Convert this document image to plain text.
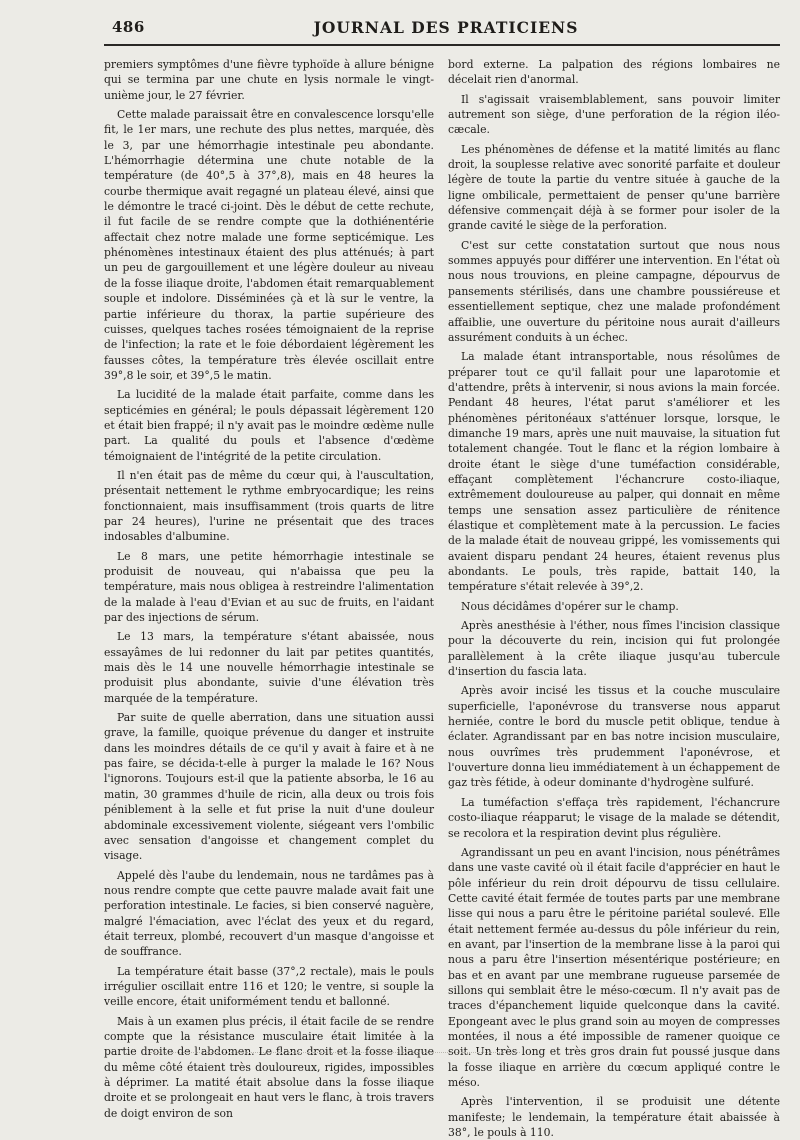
486	JOURNAL DES PRATICIENS

premiers symptômes d'une fièvre typhoïde à allure bénigne qui se termina par une chute en lysis normale le vingt-unième jour, le 27 février.

Cette malade paraissait être en convalescence lorsqu'elle fit, le 1er mars, une rechute des plus nettes, marquée, dès le 3, par une hémorrhagie intestinale peu abondante. L'hémorrhagie détermina une chute notable de la température (de 40°,5 à 37°,8), mais en 48 heures la courbe thermique avait regagné un plateau élevé, ainsi que le démontre le tracé ci-joint. Dès le début de cette rechute, il fut facile de se rendre compte que la dothiénentérie affectait chez notre malade une forme septicémique. Les phénomènes intestinaux étaient des plus atténués; à part un peu de gargouillement et une légère douleur au niveau de la fosse iliaque droite, l'abdomen était remarquablement souple et indolore. Disséminées çà et là sur le ventre, la partie inférieure du thorax, la partie supérieure des cuisses, quelques taches rosées témoignaient de la reprise de l'infection; la rate et le foie débordaient légèrement les fausses côtes, la température très élevée oscillait entre 39°,8 le soir, et 39°,5 le matin.

La lucidité de la malade était parfaite, comme dans les septicémies en général; le pouls dépassait légèrement 120 et était bien frappé; il n'y avait pas le moindre œdème nulle part. La qualité du pouls et l'absence d'œdème témoignaient de l'intégrité de la petite circulation.

Il n'en était pas de même du cœur qui, à l'auscultation, présentait nettement le rythme embryocardique; les reins fonctionnaient, mais insuffisamment (trois quarts de litre par 24 heures), l'urine ne présentait que des traces indosables d'albumine.

Le 8 mars, une petite hémorrhagie intestinale se produisit de nouveau, qui n'abaissa que peu la température, mais nous obligea à restreindre l'alimentation de la malade à l'eau d'Evian et au suc de fruits, en l'aidant par des injections de sérum.

Le 13 mars, la température s'étant abaissée, nous essayâmes de lui redonner du lait par petites quantités, mais dès le 14 une nouvelle hémorrhagie intestinale se produisit plus abondante, suivie d'une élévation très marquée de la température.

Par suite de quelle aberration, dans une situation aussi grave, la famille, quoique prévenue du danger et instruite dans les moindres détails de ce qu'il y avait à faire et à ne pas faire, se décida-t-elle à purger la malade le 16? Nous l'ignorons. Toujours est-il que la patiente absorba, le 16 au matin, 30 grammes d'huile de ricin, alla deux ou trois fois péniblement à la selle et fut prise la nuit d'une douleur abdominale excessivement violente, siégeant vers l'ombilic avec sensation d'angoisse et changement complet du visage.

Appelé dès l'aube du lendemain, nous ne tardâmes pas à nous rendre compte que cette pauvre malade avait fait une perforation intestinale. Le facies, si bien conservé naguère, malgré l'émaciation, avec l'éclat des yeux et du regard, était terreux, plombé, recouvert d'un masque d'angoisse et de souffrance.

La température était basse (37°,2 rectale), mais le pouls irrégulier oscillait entre 116 et 120; le ventre, si souple la veille encore, était uniformément tendu et ballonné.

Mais à un examen plus précis, il était facile de se rendre compte que la résistance musculaire était limitée à la partie droite de l'abdomen. Le flanc droit et la fosse iliaque du même côté étaient très douloureux, rigides, impossibles à déprimer. La matité était absolue dans la fosse iliaque droite et se prolongeait en haut vers le flanc, à trois travers de doigt environ de son

bord externe. La palpation des régions lombaires ne décelait rien d'anormal.

Il s'agissait vraisemblablement, sans pouvoir limiter autrement son siège, d'une perforation de la région iléo-cæcale.

Les phénomènes de défense et la matité limités au flanc droit, la souplesse relative avec sonorité parfaite et douleur légère de toute la partie du ventre située à gauche de la ligne ombilicale, permettaient de penser qu'une barrière défensive commençait déjà à se former pour isoler de la grande cavité le siège de la perforation.

C'est sur cette constatation surtout que nous nous sommes appuyés pour différer une intervention. En l'état où nous nous trouvions, en pleine campagne, dépourvus de pansements stérilisés, dans une chambre poussiéreuse et essentiellement septique, chez une malade profondément affaiblie, une ouverture du péritoine nous aurait d'ailleurs assurément conduits à un échec.

La malade étant intransportable, nous résolûmes de préparer tout ce qu'il fallait pour une laparotomie et d'attendre, prêts à intervenir, si nous avions la main forcée. Pendant 48 heures, l'état parut s'améliorer et les phénomènes péritonéaux s'atténuer lorsque, lorsque, le dimanche 19 mars, après une nuit mauvaise, la situation fut totalement changée. Tout le flanc et la région lombaire à droite étant le siège d'une tuméfaction considérable, effaçant complètement l'échancrure costo-iliaque, extrêmement douloureuse au palper, qui donnait en même temps une sensation assez particulière de rénitence élastique et complètement mate à la percussion. Le facies de la malade était de nouveau grippé, les vomissements qui avaient disparu pendant 24 heures, étaient revenus plus abondants. Le pouls, très rapide, battait 140, la température s'était relevée à 39°,2.

Nous décidâmes d'opérer sur le champ.

Après anesthésie à l'éther, nous fîmes l'incision classique pour la découverte du rein, incision qui fut prolongée parallèlement à la crête iliaque jusqu'au tubercule d'insertion du fascia lata.

Après avoir incisé les tissus et la couche musculaire superficielle, l'aponévrose du transverse nous apparut herniée, contre le bord du muscle petit oblique, tendue à éclater. Agrandissant par en bas notre incision musculaire, nous ouvrîmes très prudemment l'aponévrose, et l'ouverture donna lieu immédiatement à un échappement de gaz très fétide, à odeur dominante d'hydrogène sulfuré.

La tuméfaction s'effaça très rapidement, l'échancrure costo-iliaque réapparut; le visage de la malade se détendit, se recolora et la respiration devint plus régulière.

Agrandissant un peu en avant l'incision, nous pénétrâmes dans une vaste cavité où il était facile d'apprécier en haut le pôle inférieur du rein droit dépourvu de tissu cellulaire. Cette cavité était fermée de toutes parts par une membrane lisse qui nous a paru être le péritoine pariétal soulevé. Elle était nettement fermée au-dessus du pôle inférieur du rein, en avant, par l'insertion de la membrane lisse à la paroi qui nous a paru être l'insertion mésentérique postérieure; en bas et en avant par une membrane rugueuse parsemée de sillons qui semblait être le méso-cœcum. Il n'y avait pas de traces d'épanchement liquide quelconque dans la cavité. Epongeant avec le plus grand soin au moyen de compresses montées, il nous a été impossible de ramener quoique ce soit. Un très long et très gros drain fut poussé jusque dans la fosse iliaque en arrière du cœcum appliqué contre le méso.

Après l'intervention, il se produisit une détente manifeste; le lendemain, la température était abaissée à 38°, le pouls à 110.
